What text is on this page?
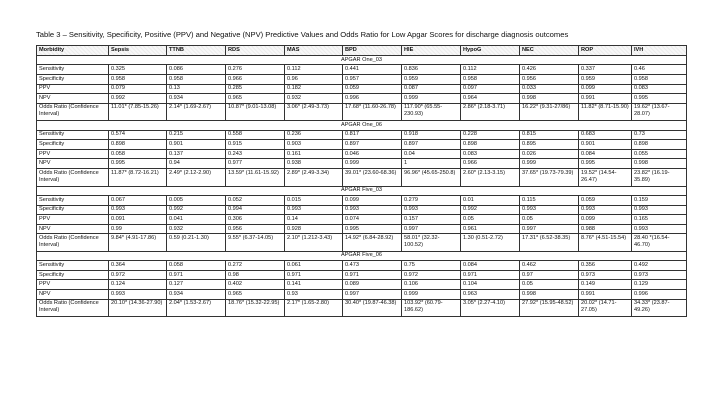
Table 3 – Sensitivity, Specificity, Positive (PPV) and Negative (NPV) Predictive Values and Odds Ratio for Low Apgar Scores for discharge diagnosis outcomes
Morbidity	Sepsis	TTNB	RDS	MAS	BPD	HIE	HypoG	NEC	ROP	IVH
APGAR One_03										
Sensitivity	0.325	0.086	0.276	0.112	0.441	0.836	0.112	0.426	0.337	0.46
Specificity	0.958	0.958	0.966	0.96	0.957	0.959	0.958	0.956	0.959	0.958
PPV	0.079	0.13	0.285	0.182	0.059	0.087	0.097	0.033	0.099	0.083
NPV	0.992	0.934	0.965	0.932	0.996	0.999	0.964	0.998	0.991	0.995
Odds Ratio (Confidence Interval)	11.01* (7.85-15.26)	2.14* (1.69-2.67)	10.87* (9.01-13.08)	3.06* (2.49-3.73)	17.68* (11.60-26.78)	117.90* (65.55-230.93)	2.86* (2.18-3.71)	16.22* (9.31-27/86)	11.82* (8.71-15.90)	19.62* (13.67-28.07)
APGAR One_06										
Sensitivity	0.574	0.215	0.558	0.236	0.817	0.918	0.228	0.815	0.683	0.73
Specificity	0.898	0.901	0.915	0.903	0.897	0.897	0.898	0.895	0.901	0.898
PPV	0.058	0.137	0.243	0.161	0.046	0.04	0.083	0.026	0.084	0.055
NPV	0.995	0.94	0.977	0.938	0.999	1	0.966	0.999	0.995	0.998
Odds Ratio (Confidence Interval)	11.87* (8.72-16.21)	2.49* (2.12-2.90)	13.59* (11.61-15.92)	2.89* (2.49-3.34)	39.01* (23.60-68.36)	96.96* (45.65-250.8)	2.60* (2.13-3.15)	37.65* (19.73-79.39)	19.52* (14.54-26.47)	23.82* (16.19-35.89)
APGAR Five_03										
Sensitivity	0.067	0.005	0.052	0.015	0.099	0.279	0.01	0.115	0.059	0.159
Specificity	0.993	0.992	0.994	0.993	0.993	0.993	0.992	0.993	0.993	0.993
PPV	0.091	0.041	0.306	0.14	0.074	0.157	0.05	0.05	0.099	0.165
NPV	0.99	0.932	0.956	0.928	0.995	0.997	0.961	0.997	0.988	0.993
Odds Ratio (Confidence Interval)	9.84* (4.91-17.86)	0.59 (0.21-1.30)	9.55* (6.37-14.05)	2.10* (1.212-3.43)	14.92* (6.84-28.92)	58.01* (32.32-100.52)	1.30 (0.51-2.72)	17.31* (6.52-38.35)	8.76* (4.51-15.54)	28.40 *(16.54-46.70)
APGAR Five_06										
Sensitivity	0.364	0.058	0.272	0.061	0.473	0.75	0.084	0.462	0.356	0.492
Specificity	0.972	0.971	0.98	0.971	0.971	0.972	0.971	0.97	0.973	0.973
PPV	0.124	0.127	0.402	0.141	0.089	0.106	0.104	0.05	0.149	0.129
NPV	0.993	0.934	0.965	0.93	0.997	0.999	0.963	0.998	0.991	0.996
Odds Ratio (Confidence Interval)	20.10* (14.36-27.90)	2.04* (1.53-2.67)	18.76* (15.32-22.95)	2.17* (1.65-2.80)	30.40* (19.87-46.38)	103.92* (60.79-186.62)	3.05* (2.27-4.10)	27.92* (15.95-48.52)	20.02* (14.71-27.05)	34.33* (23.87-49.26)
